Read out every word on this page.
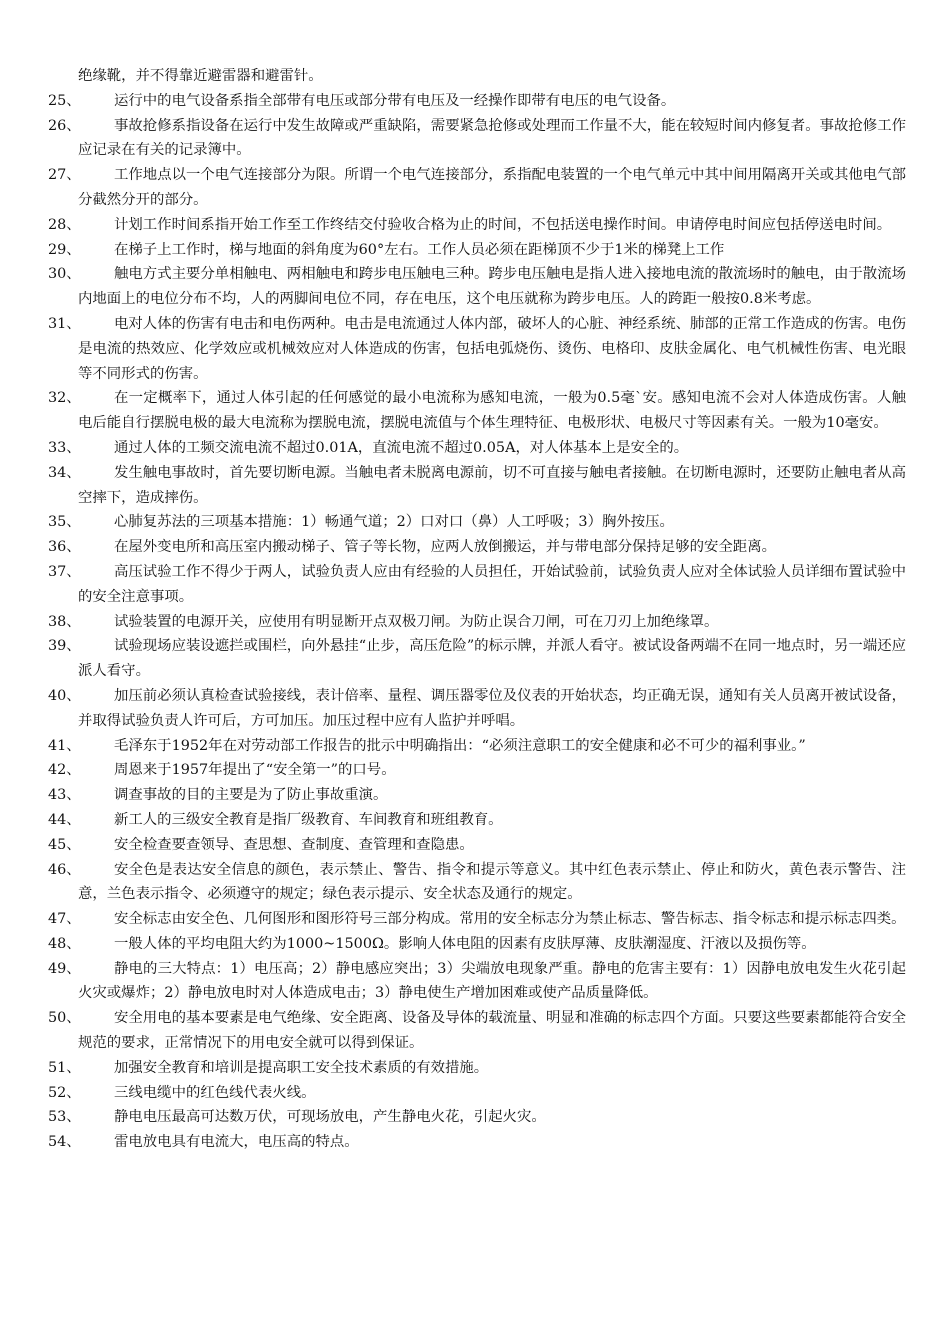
绝缘靴，并不得靠近避雷器和避雷针。

25、	运行中的电气设备系指全部带有电压或部分带有电压及一经操作即带有电压的电气设备。
26、	事故抢修系指设备在运行中发生故障或严重缺陷，需要紧急抢修或处理而工作量不大，能在较短时间内修复者。事故抢修工作应记录在有关的记录簿中。
27、	工作地点以一个电气连接部分为限。所谓一个电气连接部分，系指配电装置的一个电气单元中其中间用隔离开关或其他电气部分截然分开的部分。
28、	计划工作时间系指开始工作至工作终结交付验收合格为止的时间，不包括送电操作时间。申请停电时间应包括停送电时间。
29、	在梯子上工作时，梯与地面的斜角度为60°左右。工作人员必须在距梯顶不少于1米的梯凳上工作
30、	触电方式主要分单相触电、两相触电和跨步电压触电三种。跨步电压触电是指人进入接地电流的散流场时的触电，由于散流场内地面上的电位分布不均，人的两脚间电位不同，存在电压，这个电压就称为跨步电压。人的跨距一般按0.8米考虑。
31、	电对人体的伤害有电击和电伤两种。电击是电流通过人体内部，破坏人的心脏、神经系统、肺部的正常工作造成的伤害。电伤是电流的热效应、化学效应或机械效应对人体造成的伤害，包括电弧烧伤、烫伤、电格印、皮肤金属化、电气机械性伤害、电光眼等不同形式的伤害。
32、	在一定概率下，通过人体引起的任何感觉的最小电流称为感知电流，一般为0.5毫`安。感知电流不会对人体造成伤害。人触电后能自行摆脱电极的最大电流称为摆脱电流，摆脱电流值与个体生理特征、电极形状、电极尺寸等因素有关。一般为10毫安。
33、	通过人体的工频交流电流不超过0.01A，直流电流不超过0.05A，对人体基本上是安全的。
34、	发生触电事故时，首先要切断电源。当触电者未脱离电源前，切不可直接与触电者接触。在切断电源时，还要防止触电者从高空摔下，造成摔伤。
35、	心肺复苏法的三项基本措施：1）畅通气道；2）口对口（鼻）人工呼吸；3）胸外按压。
36、	在屋外变电所和高压室内搬动梯子、管子等长物，应两人放倒搬运，并与带电部分保持足够的安全距离。
37、	高压试验工作不得少于两人，试验负责人应由有经验的人员担任，开始试验前，试验负责人应对全体试验人员详细布置试验中的安全注意事项。
38、	试验装置的电源开关，应使用有明显断开点双极刀闸。为防止误合刀闸，可在刀刃上加绝缘罩。
39、	试验现场应装设遮拦或围栏，向外悬挂“止步，高压危险”的标示牌，并派人看守。被试设备两端不在同一地点时，另一端还应派人看守。
40、	加压前必须认真检查试验接线，表计倍率、量程、调压器零位及仪表的开始状态，均正确无误，通知有关人员离开被试设备，并取得试验负责人许可后，方可加压。加压过程中应有人监护并呼唱。
41、	毛泽东于1952年在对劳动部工作报告的批示中明确指出：“必须注意职工的安全健康和必不可少的福利事业。”
42、	周恩来于1957年提出了“安全第一”的口号。
43、	调查事故的目的主要是为了防止事故重演。
44、	新工人的三级安全教育是指厂级教育、车间教育和班组教育。
45、	安全检查要查领导、查思想、查制度、查管理和查隐患。
46、	安全色是表达安全信息的颜色，表示禁止、警告、指令和提示等意义。其中红色表示禁止、停止和防火，黄色表示警告、注意，兰色表示指令、必须遵守的规定；绿色表示提示、安全状态及通行的规定。
47、	安全标志由安全色、几何图形和图形符号三部分构成。常用的安全标志分为禁止标志、警告标志、指令标志和提示标志四类。
48、	一般人体的平均电阻大约为1000~1500Ω。影响人体电阻的因素有皮肤厚薄、皮肤潮湿度、汗液以及损伤等。
49、	静电的三大特点：1）电压高；2）静电感应突出；3）尖端放电现象严重。静电的危害主要有：1）因静电放电发生火花引起火灾或爆炸；2）静电放电时对人体造成电击；3）静电使生产增加困难或使产品质量降低。
50、	安全用电的基本要素是电气绝缘、安全距离、设备及导体的载流量、明显和准确的标志四个方面。只要这些要素都能符合安全规范的要求，正常情况下的用电安全就可以得到保证。
51、	加强安全教育和培训是提高职工安全技术素质的有效措施。
52、	三线电缆中的红色线代表火线。
53、	静电电压最高可达数万伏，可现场放电，产生静电火花，引起火灾。
54、	雷电放电具有电流大，电压高的特点。
